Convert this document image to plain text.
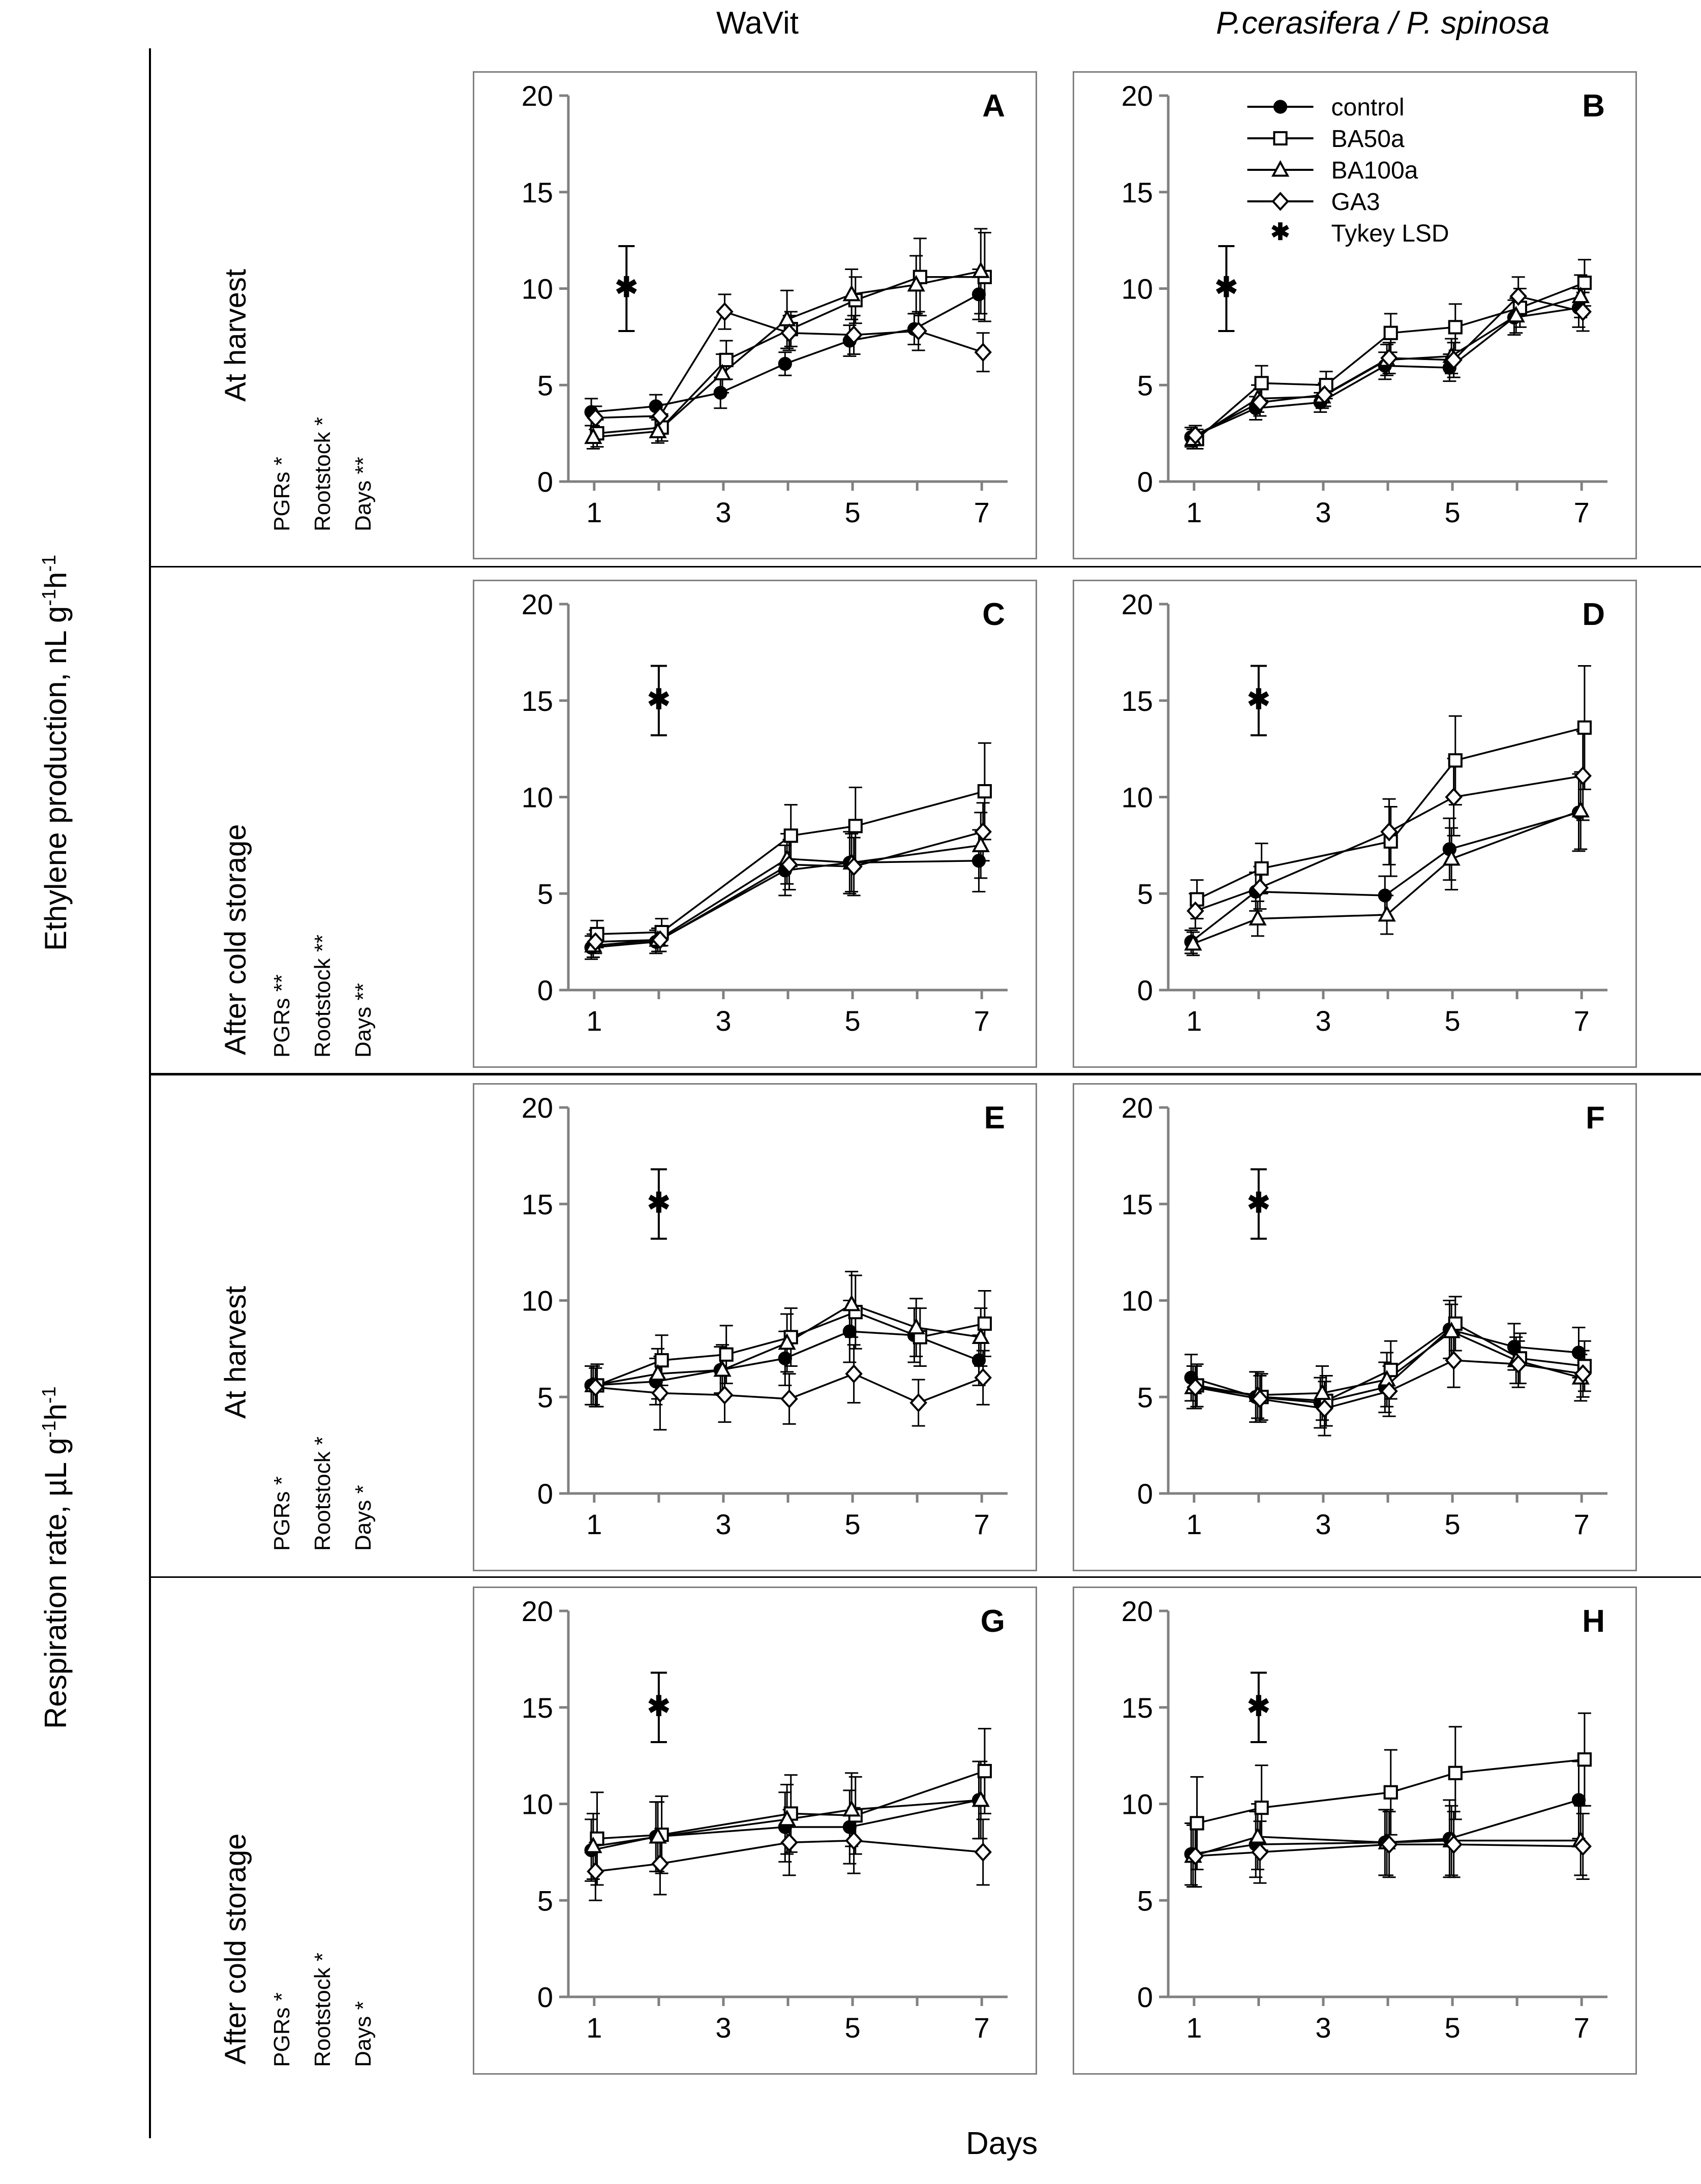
WaVit	P.cerasifera / P. spinosa
Ethylene production, nL $g^{-1}h^{-1}$
Respiration rate, µL $g^{-1}h^{-1}$
At harvest
PGRs * Rootstock * Days **
After cold storage PGRs ** Rootstock ** Days **
At harvest
PGRs * Rootstock * Days *
After cold storage PGRs * Rootstock * Days *
0
5
10
15
20
1	3	5	7
✱
A
0
5
10
15
20
1	3	5	7
✱
control
BA50a
BA100a
GA3
✱ Tykey LSD
B
0
5
10
15
20
1	3	5	7
✱
C
0
5
10
15
20
1	3	5	7
✱
D
0
5
10
15
20
1	3	5	7
✱
E
0
5
10
15
20
1	3	5	7
✱
F
0
5
10
15
20
1	3	5	7
✱
G
0
5
10
15
20
1	3	5	7
✱
H
Days
